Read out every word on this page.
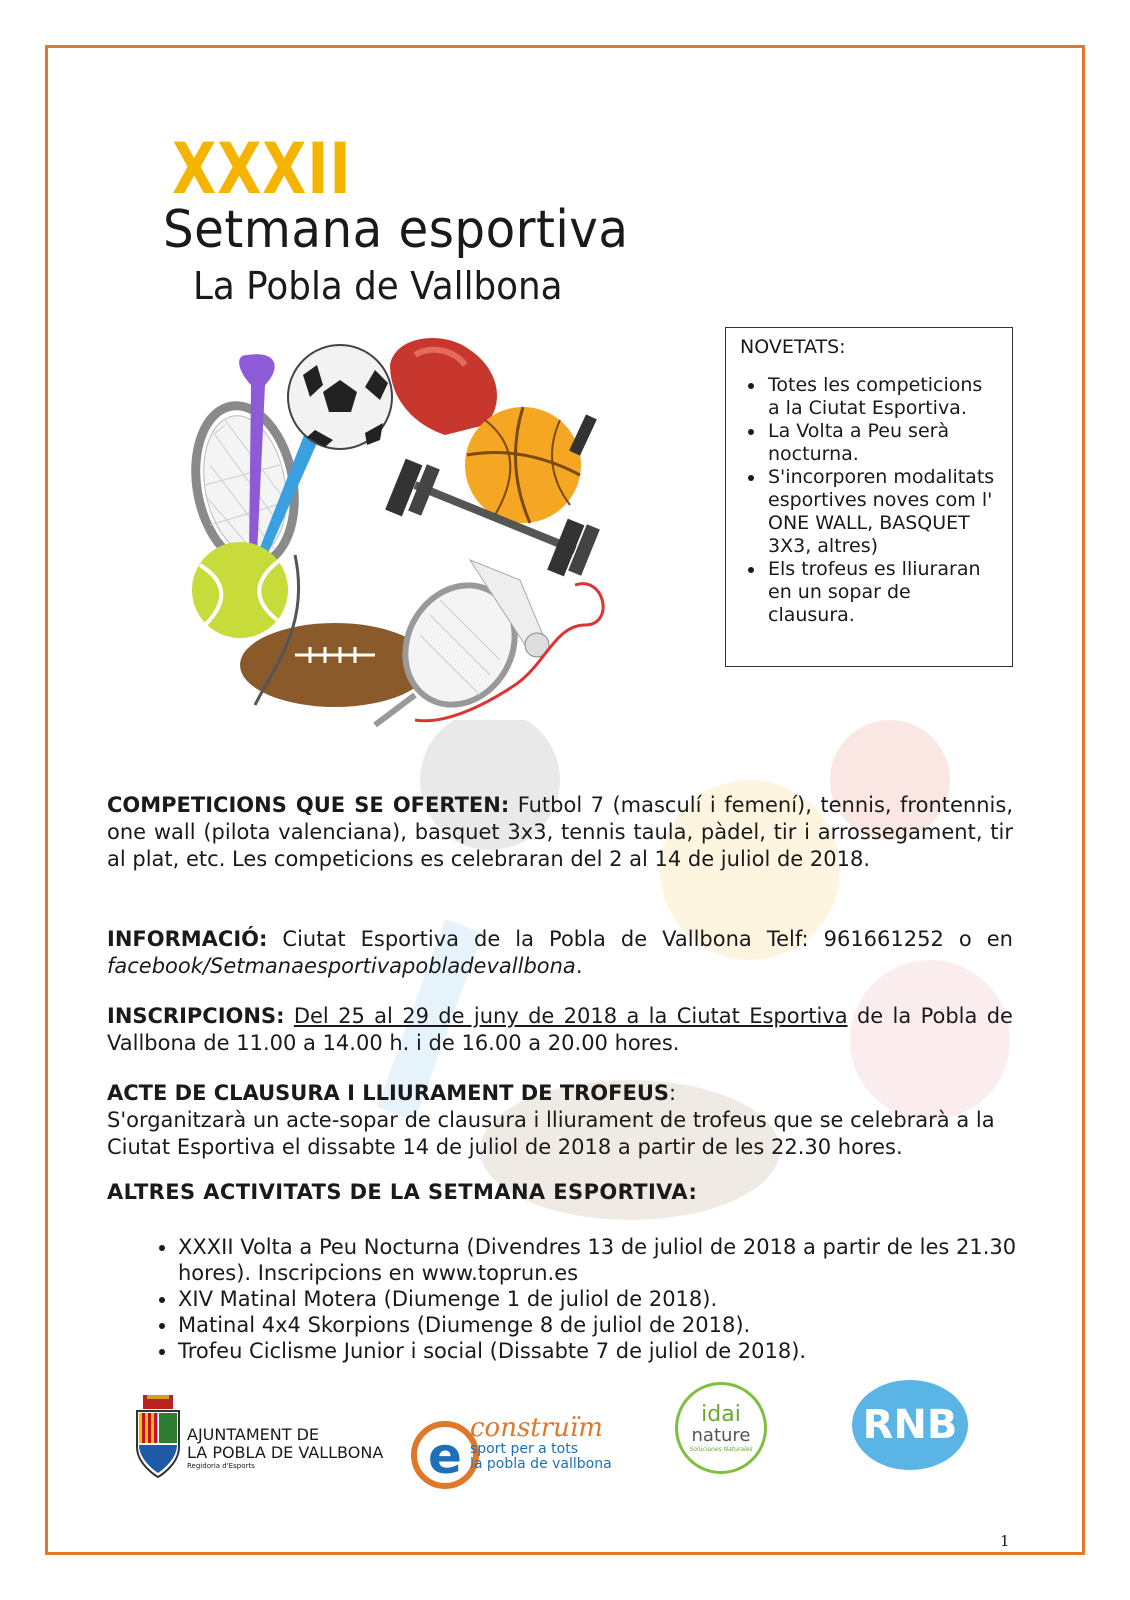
XXXII
Setmana esportiva
La Pobla de Vallbona
NOVETATS:
• Totes les competicions a la Ciutat Esportiva.
• La Volta a Peu serà nocturna.
• S'incorporen modalitats esportives noves com l' ONE WALL, BASQUET 3X3, altres)
• Els trofeus es lliuraran en un sopar de clausura.
COMPETICIONS QUE SE OFERTEN: Futbol 7 (masculí i femení), tennis, frontennis, one wall (pilota valenciana), basquet 3x3, tennis taula, pàdel, tir i arrossegament, tir al plat, etc. Les competicions es celebraran del 2 al 14 de juliol de 2018.
INFORMACIÓ: Ciutat Esportiva de la Pobla de Vallbona Telf: 961661252 o en facebook/Setmanaesportivapobladevallbona.
INSCRIPCIONS: Del 25 al 29 de juny de 2018 a la Ciutat Esportiva de la Pobla de Vallbona de 11.00 a 14.00 h. i de 16.00 a 20.00 hores.
ACTE DE CLAUSURA I LLIURAMENT DE TROFEUS:
S'organitzarà un acte-sopar de clausura i lliurament de trofeus que se celebrarà a la Ciutat Esportiva el dissabte 14 de juliol de 2018 a partir de les 22.30 hores.
ALTRES ACTIVITATS DE LA SETMANA ESPORTIVA:
• XXXII Volta a Peu Nocturna (Divendres 13 de juliol de 2018 a partir de les 21.30 hores). Inscripcions en www.toprun.es
• XIV Matinal Motera (Diumenge 1 de juliol de 2018).
• Matinal 4x4 Skorpions (Diumenge 8 de juliol de 2018).
• Trofeu Ciclisme Junior i social (Dissabte 7 de juliol de 2018).
AJUNTAMENT DE
LA POBLA DE VALLBONA
Regidoria d'Esports	e construïm
sport per a tots
la pobla de vallbona
idai
nature
Soluciones Naturales
RNB
1
